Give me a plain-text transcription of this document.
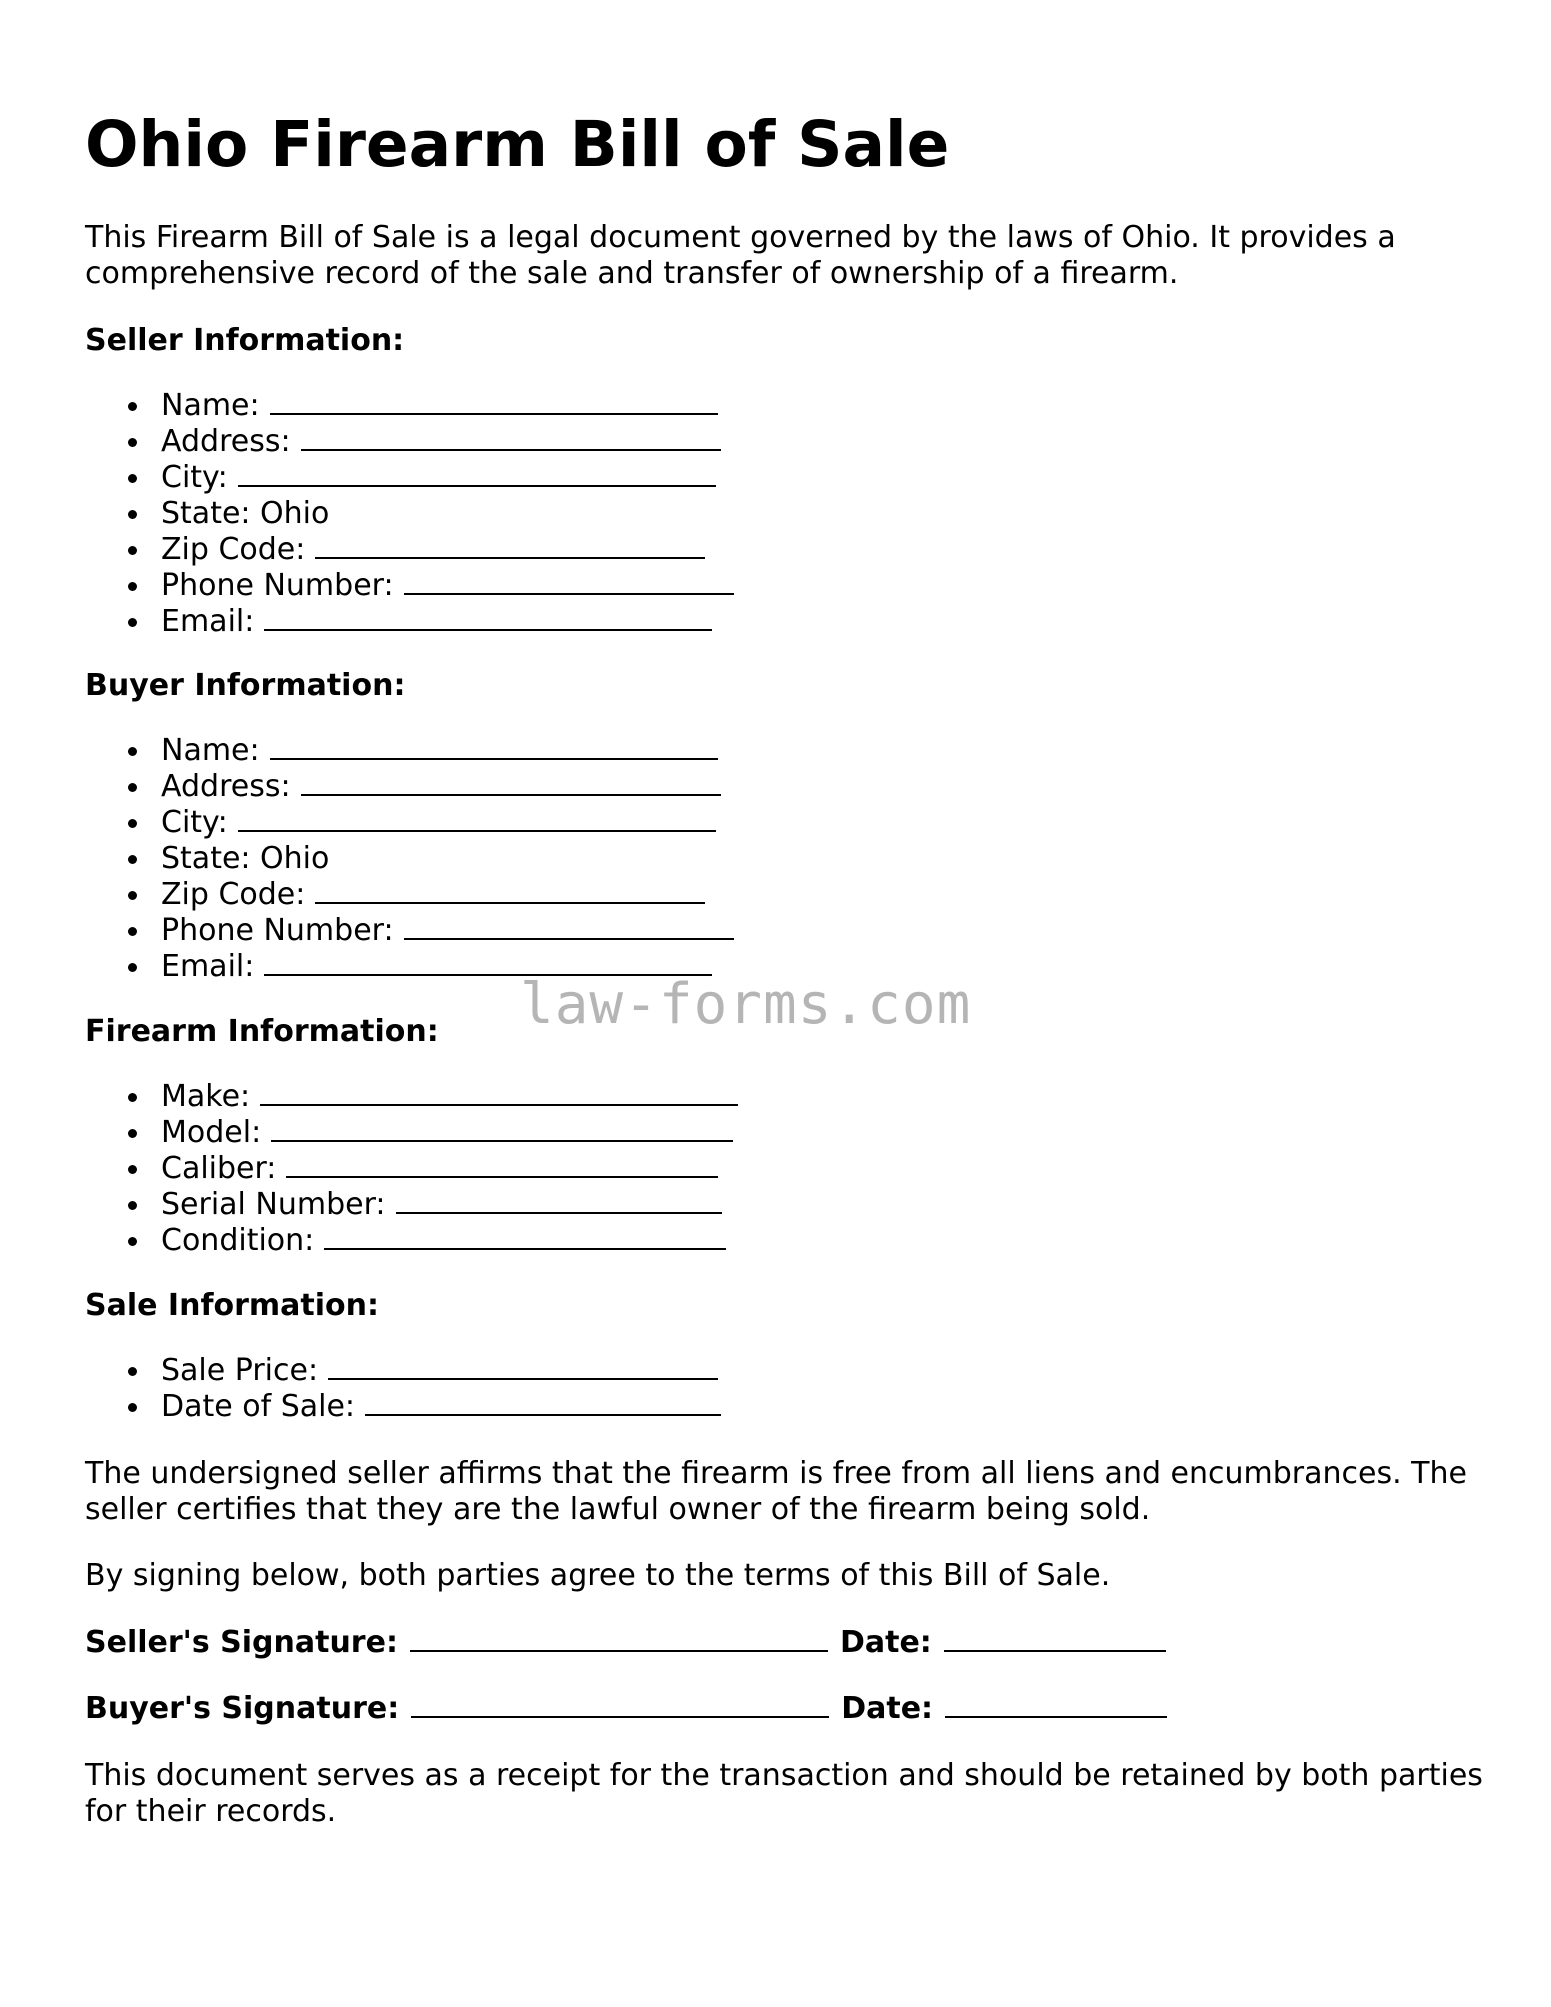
Ohio Firearm Bill of Sale

This Firearm Bill of Sale is a legal document governed by the laws of Ohio. It provides a comprehensive record of the sale and transfer of ownership of a firearm.

Seller Information:
Name:
Address:
City:
State: Ohio
Zip Code:
Phone Number:
Email:
Buyer Information:
Name:
Address:
City:
State: Ohio
Zip Code:
Phone Number:
Email:
Firearm Information:
Make:
Model:
Caliber:
Serial Number:
Condition:
Sale Information:
Sale Price:
Date of Sale:

The undersigned seller affirms that the firearm is free from all liens and encumbrances. The seller certifies that they are the lawful owner of the firearm being sold.

By signing below, both parties agree to the terms of this Bill of Sale.

Seller's Signature:	Date:
Buyer's Signature:	Date:

This document serves as a receipt for the transaction and should be retained by both parties for their records.

law-forms.com
